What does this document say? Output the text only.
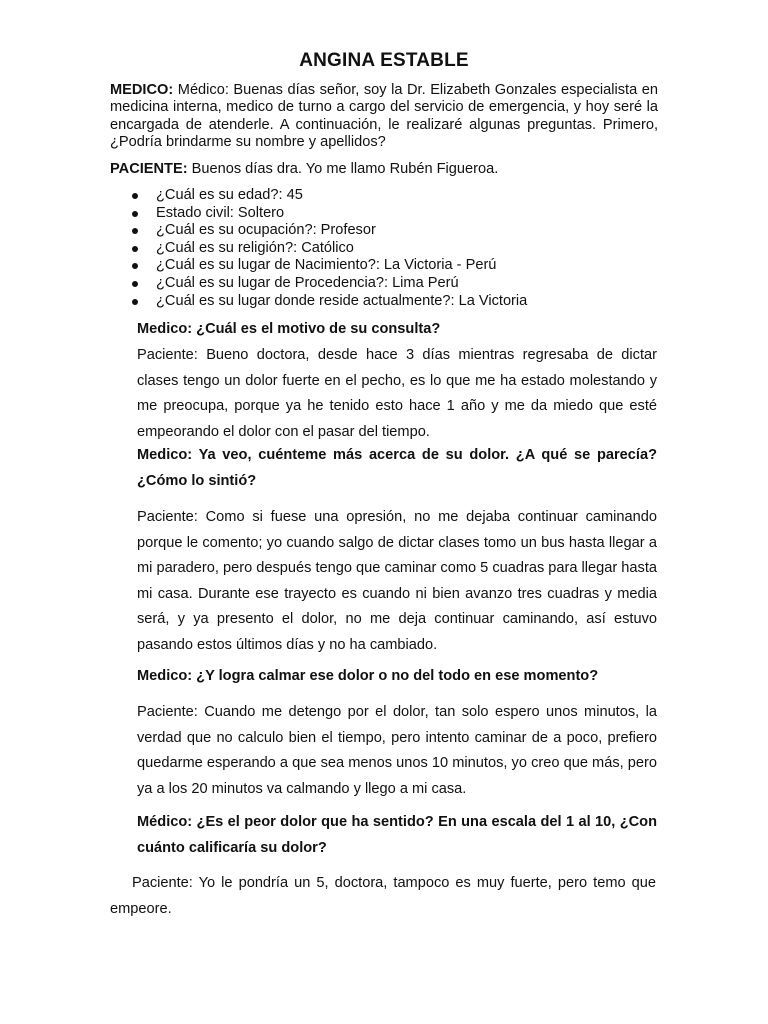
ANGINA ESTABLE

MEDICO: Médico: Buenas días señor, soy la Dr. Elizabeth Gonzales especialista en medicina interna, medico de turno a cargo del servicio de emergencia, y hoy seré la encargada de atenderle. A continuación, le realizaré algunas preguntas. Primero, ¿Podría brindarme su nombre y apellidos?

PACIENTE: Buenos días dra. Yo me llamo Rubén Figueroa.

¿Cuál es su edad?: 45
Estado civil: Soltero
¿Cuál es su ocupación?: Profesor
¿Cuál es su religión?: Católico
¿Cuál es su lugar de Nacimiento?: La Victoria - Perú
¿Cuál es su lugar de Procedencia?: Lima Perú
¿Cuál es su lugar donde reside actualmente?: La Victoria

Medico: ¿Cuál es el motivo de su consulta?

Paciente: Bueno doctora, desde hace 3 días mientras regresaba de dictar clases tengo un dolor fuerte en el pecho, es lo que me ha estado molestando y me preocupa, porque ya he tenido esto hace 1 año y me da miedo que esté empeorando el dolor con el pasar del tiempo.

Medico: Ya veo, cuénteme más acerca de su dolor. ¿A qué se parecía? ¿Cómo lo sintió?

Paciente: Como si fuese una opresión, no me dejaba continuar caminando porque le comento; yo cuando salgo de dictar clases tomo un bus hasta llegar a mi paradero, pero después tengo que caminar como 5 cuadras para llegar hasta mi casa. Durante ese trayecto es cuando ni bien avanzo tres cuadras y media será, y ya presento el dolor, no me deja continuar caminando, así estuvo pasando estos últimos días y no ha cambiado.

Medico: ¿Y logra calmar ese dolor o no del todo en ese momento?

Paciente: Cuando me detengo por el dolor, tan solo espero unos minutos, la verdad que no calculo bien el tiempo, pero intento caminar de a poco, prefiero quedarme esperando a que sea menos unos 10 minutos, yo creo que más, pero ya a los 20 minutos va calmando y llego a mi casa.

Médico: ¿Es el peor dolor que ha sentido? En una escala del 1 al 10, ¿Con cuánto calificaría su dolor?

Paciente: Yo le pondría un 5, doctora, tampoco es muy fuerte, pero temo que empeore.
